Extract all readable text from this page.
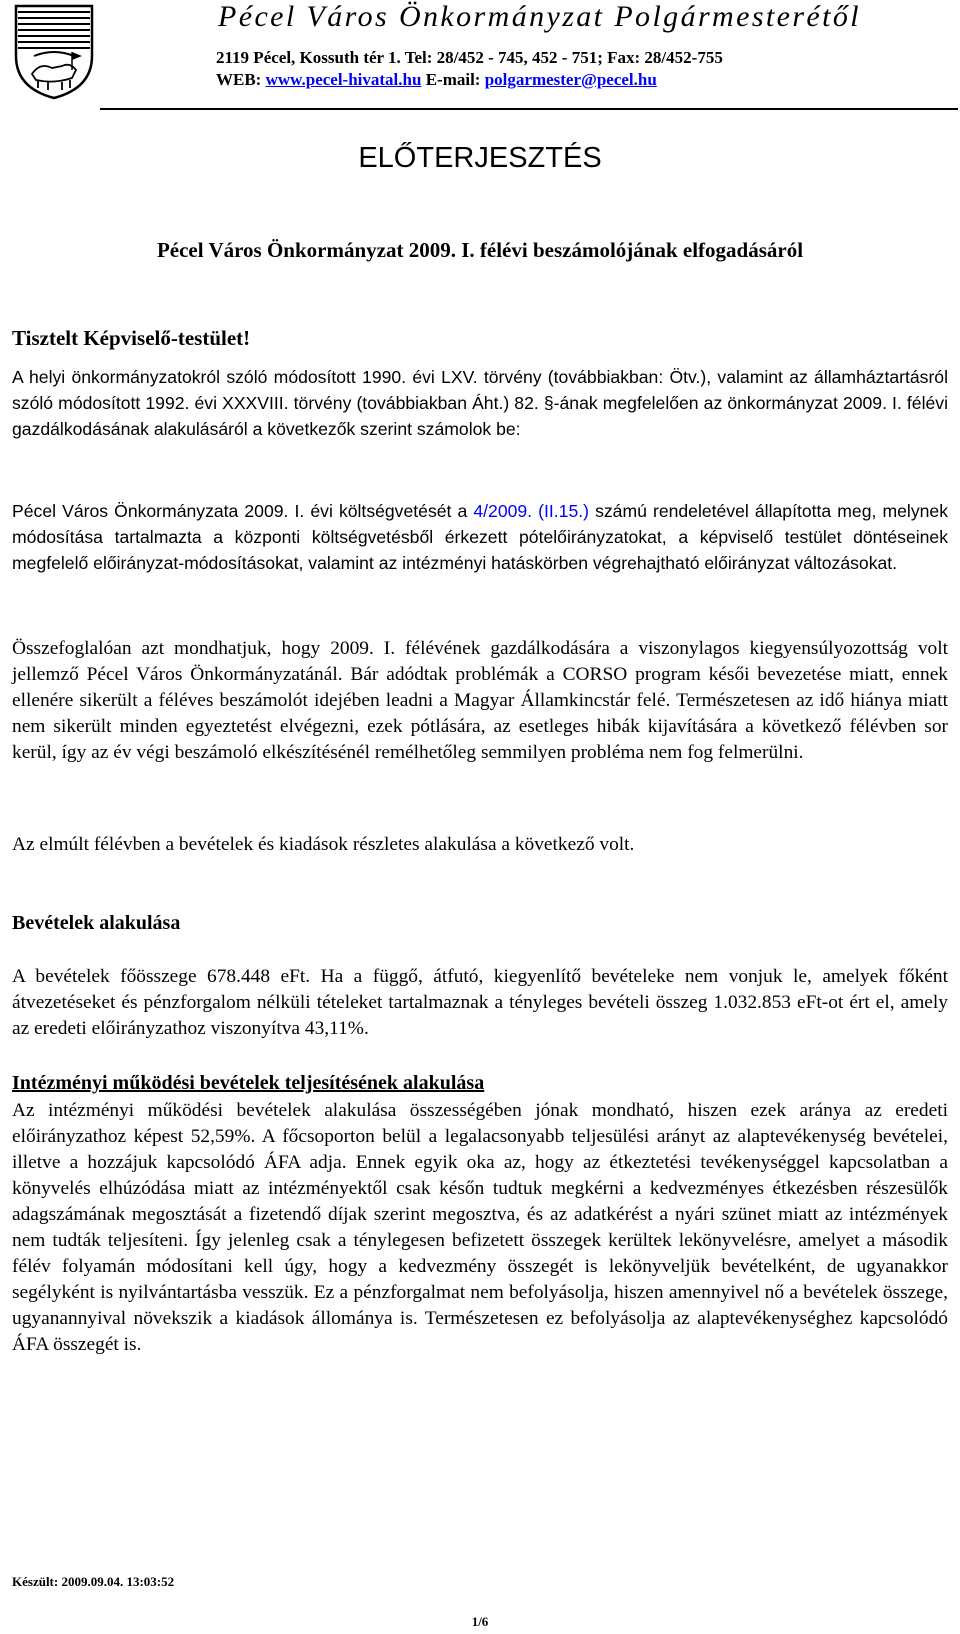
Pécel Város Önkormányzat Polgármesterétől
2119 Pécel, Kossuth tér 1. Tel: 28/452 - 745, 452 - 751; Fax: 28/452-755
WEB: www.pecel-hivatal.hu E-mail: polgarmester@pecel.hu
ELŐTERJESZTÉS
Pécel Város Önkormányzat 2009. I. félévi beszámolójának elfogadásáról
Tisztelt Képviselő-testület!
A helyi önkormányzatokról szóló módosított 1990. évi LXV. törvény (továbbiakban: Ötv.), valamint az államháztartásról szóló módosított 1992. évi XXXVIII. törvény (továbbiakban Áht.) 82. §-ának megfelelően az önkormányzat 2009. I. félévi gazdálkodásának alakulásáról a következők szerint számolok be:
Pécel Város Önkormányzata 2009. I. évi költségvetését a 4/2009. (II.15.) számú rendeletével állapította meg, melynek módosítása tartalmazta a központi költségvetésből érkezett pótelőirányzatokat, a képviselő testület döntéseinek megfelelő előirányzat-módosításokat, valamint az intézményi hatáskörben végrehajtható előirányzat változásokat.
Összefoglalóan azt mondhatjuk, hogy 2009. I. félévének gazdálkodására a viszonylagos kiegyensúlyozottság volt jellemző Pécel Város Önkormányzatánál. Bár adódtak problémák a CORSO program késői bevezetése miatt, ennek ellenére sikerült a féléves beszámolót idejében leadni a Magyar Államkincstár felé. Természetesen az idő hiánya miatt nem sikerült minden egyeztetést elvégezni, ezek pótlására, az esetleges hibák kijavítására a következő félévben sor kerül, így az év végi beszámoló elkészítésénél remélhetőleg semmilyen probléma nem fog felmerülni.
Az elmúlt félévben a bevételek és kiadások részletes alakulása a következő volt.
Bevételek alakulása
A bevételek főösszege 678.448 eFt. Ha a függő, átfutó, kiegyenlítő bevételeke nem vonjuk le, amelyek főként átvezetéseket és pénzforgalom nélküli tételeket tartalmaznak a tényleges bevételi összeg 1.032.853 eFt-ot ért el, amely az eredeti előirányzathoz viszonyítva 43,11%.
Intézményi működési bevételek teljesítésének alakulása
Az intézményi működési bevételek alakulása összességében jónak mondható, hiszen ezek aránya az eredeti előirányzathoz képest 52,59%. A főcsoporton belül a legalacsonyabb teljesülési arányt az alaptevékenység bevételei, illetve a hozzájuk kapcsolódó ÁFA adja. Ennek egyik oka az, hogy az étkeztetési tevékenységgel kapcsolatban a könyvelés elhúzódása miatt az intézményektől csak későn tudtuk megkérni a kedvezményes étkezésben részesülők adagszámának megosztását a fizetendő díjak szerint megosztva, és az adatkérést a nyári szünet miatt az intézmények nem tudták teljesíteni. Így jelenleg csak a ténylegesen befizetett összegek kerültek lekönyvelésre, amelyet a második félév folyamán módosítani kell úgy, hogy a kedvezmény összegét is lekönyveljük bevételként, de ugyanakkor segélyként is nyilvántartásba vesszük. Ez a pénzforgalmat nem befolyásolja, hiszen amennyivel nő a bevételek összege, ugyanannyival növekszik a kiadások állománya is. Természetesen ez befolyásolja az alaptevékenységhez kapcsolódó ÁFA összegét is.
Készült: 2009.09.04. 13:03:52
1/6
